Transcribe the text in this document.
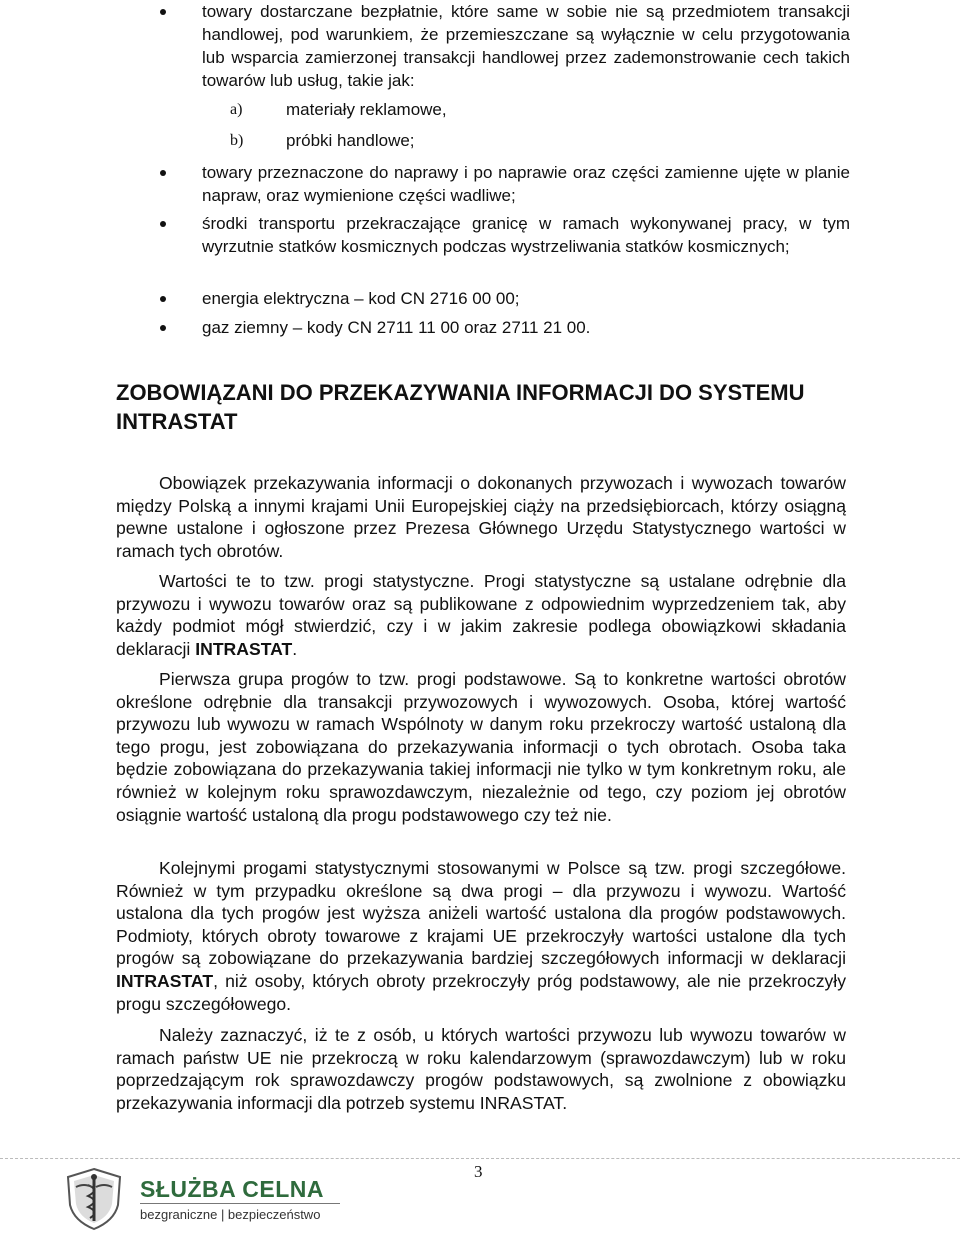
towary dostarczane bezpłatnie, które same w sobie nie są przedmiotem transakcji handlowej, pod warunkiem, że przemieszczane są wyłącznie w celu przygotowania lub wsparcia zamierzonej transakcji handlowej przez zademonstrowanie cech takich towarów lub usług, takie jak:
towary przeznaczone do naprawy i po naprawie oraz części zamienne ujęte w planie napraw, oraz wymienione części wadliwe;
środki transportu przekraczające granicę w ramach wykonywanej pracy, w tym wyrzutnie statków kosmicznych podczas wystrzeliwania statków kosmicznych;
energia elektryczna – kod CN 2716 00 00;
gaz ziemny – kody CN 2711 11 00 oraz 2711 21 00.
a)	materiały reklamowe,
b)	próbki handlowe;
ZOBOWIĄZANI DO PRZEKAZYWANIA INFORMACJI DO SYSTEMU INTRASTAT

Obowiązek przekazywania informacji o dokonanych przywozach i wywozach towarów między Polską a innymi krajami Unii Europejskiej ciąży na przedsiębiorcach, którzy osiągną pewne ustalone i ogłoszone przez Prezesa Głównego Urzędu Statystycznego wartości w ramach tych obrotów.

Wartości te to tzw. progi statystyczne. Progi statystyczne są ustalane odrębnie dla przywozu i wywozu towarów oraz są publikowane z odpowiednim wyprzedzeniem tak, aby każdy podmiot mógł stwierdzić, czy i w jakim zakresie podlega obowiązkowi składania deklaracji INTRASTAT.

Pierwsza grupa progów to tzw. progi podstawowe. Są to konkretne wartości obrotów określone odrębnie dla transakcji przywozowych i wywozowych. Osoba, której wartość przywozu lub wywozu w ramach Wspólnoty w danym roku przekroczy wartość ustaloną dla tego progu, jest zobowiązana do przekazywania informacji o tych obrotach. Osoba taka będzie zobowiązana do przekazywania takiej informacji nie tylko w tym konkretnym roku, ale również w kolejnym roku sprawozdawczym, niezależnie od tego, czy poziom jej obrotów osiągnie wartość ustaloną dla progu podstawowego czy też nie.

Kolejnymi progami statystycznymi stosowanymi w Polsce są tzw. progi szczegółowe. Również w tym przypadku określone są dwa progi – dla przywozu i wywozu. Wartość ustalona dla tych progów jest wyższa aniżeli wartość ustalona dla progów podstawowych. Podmioty, których obroty towarowe z krajami UE przekroczyły wartości ustalone dla tych progów są zobowiązane do przekazywania bardziej szczegółowych informacji w deklaracji INTRASTAT, niż osoby, których obroty przekroczyły próg podstawowy, ale nie przekroczyły progu szczegółowego.

Należy zaznaczyć, iż te z osób, u których wartości przywozu lub wywozu towarów w ramach państw UE nie przekroczą w roku kalendarzowym (sprawozdawczym) lub w roku poprzedzającym rok sprawozdawczy progów podstawowych, są zwolnione z obowiązku przekazywania informacji dla potrzeb systemu INRASTAT.

3
SŁUŻBA CELNA
bezgraniczne | bezpieczeństwo
